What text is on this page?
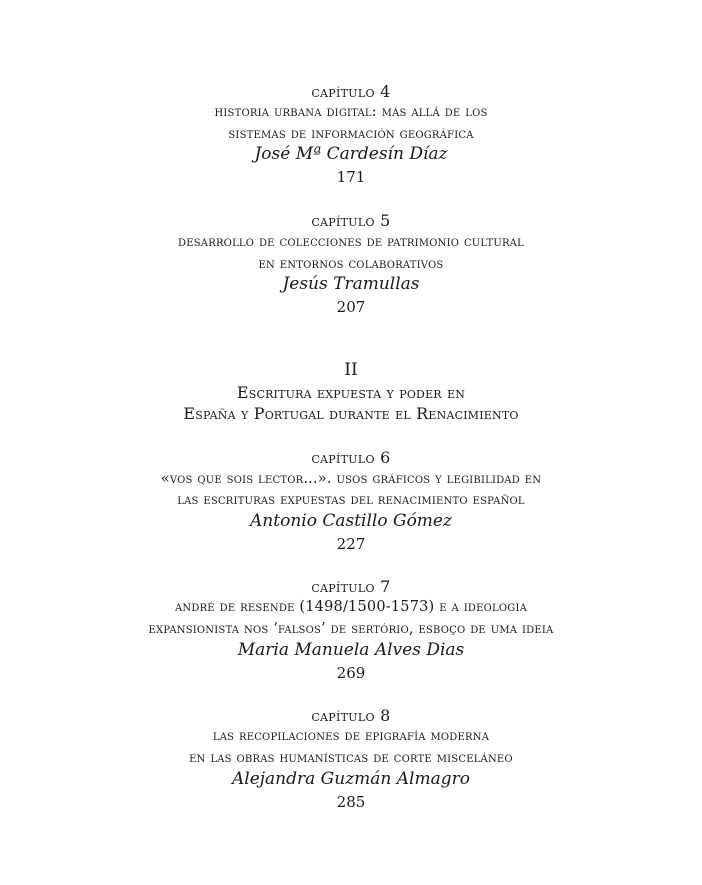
capítulo 4
historia urbana digital: más allá de los
sistemas de información geográfica
José Mª Cardesín Díaz
171
capítulo 5
desarrollo de colecciones de patrimonio cultural
en entornos colaborativos
Jesús Tramullas
207
II
Escritura expuesta y poder en
España y Portugal durante el Renacimiento
capítulo 6
«vos que sois lector...». usos gráficos y legibilidad en
las escrituras expuestas del renacimiento español
Antonio Castillo Gómez
227
capítulo 7
andré de resende (1498/1500-1573) e a ideologia
expansionista nos ‘falsos’ de sertório, esboço de uma ideia
Maria Manuela Alves Dias
269
capítulo 8
las recopilaciones de epigrafía moderna
en las obras humanísticas de corte misceláneo
Alejandra Guzmán Almagro
285
